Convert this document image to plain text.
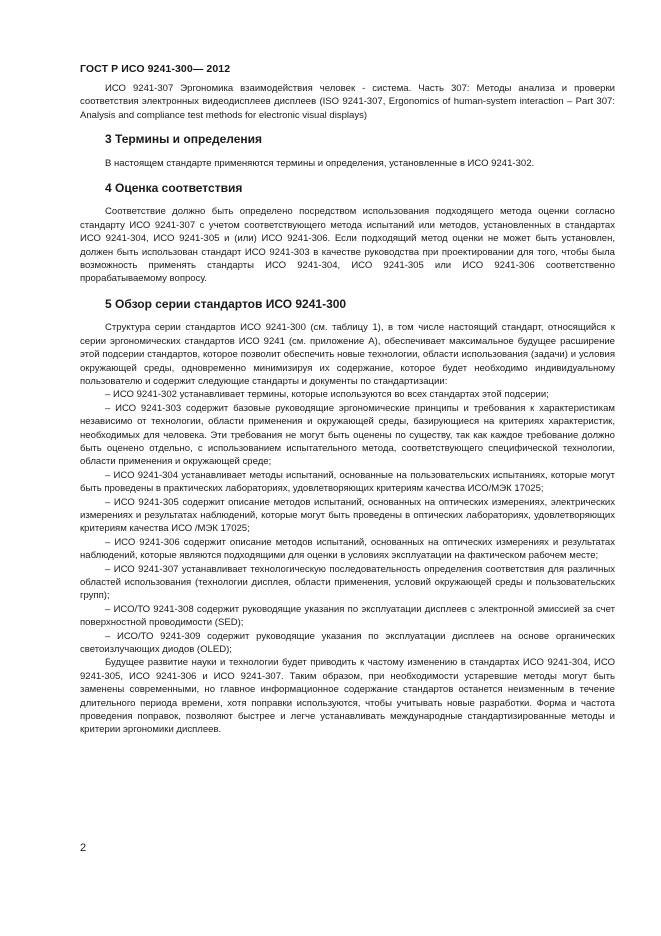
ГОСТ Р ИСО 9241-300— 2012

ИСО 9241-307 Эргономика взаимодействия человек - система. Часть 307: Методы анализа и проверки соответствия электронных видеодисплеев дисплеев (ISO 9241-307, Ergonomics of human-system interaction – Part 307: Analysis and compliance test methods for electronic visual displays)

3 Термины и определения

В настоящем стандарте применяются термины и определения, установленные в ИСО 9241-302.

4 Оценка соответствия

Соответствие должно быть определено посредством использования подходящего метода оценки согласно стандарту ИСО 9241-307 с учетом соответствующего метода испытаний или методов, установленных в стандартах ИСО 9241-304, ИСО 9241-305 и (или) ИСО 9241-306. Если подходящий метод оценки не может быть установлен, должен быть использован стандарт ИСО 9241-303 в качестве руководства при проектировании для того, чтобы была возможность применять стандарты ИСО 9241-304, ИСО 9241-305 или ИСО 9241-306 соответственно прорабатываемому вопросу.

5 Обзор серии стандартов ИСО 9241-300

Структура серии стандартов ИСО 9241-300 (см. таблицу 1), в том числе настоящий стандарт, относящийся к серии эргономических стандартов ИСО 9241 (см. приложение А), обеспечивает максимальное будущее расширение этой подсерии стандартов, которое позволит обеспечить новые технологии, области использования (задачи) и условия окружающей среды, одновременно минимизируя их содержание, которое будет необходимо индивидуальному пользователю и содержит следующие стандарты и документы по стандартизации:

– ИСО 9241-302 устанавливает термины, которые используются во всех стандартах этой подсерии;

– ИСО 9241-303 содержит базовые руководящие эргономические принципы и требования к характеристикам независимо от технологии, области применения и окружающей среды, базирующиеся на критериях характеристик, необходимых для человека. Эти требования не могут быть оценены по существу, так как каждое требование должно быть оценено отдельно, с использованием испытательного метода, соответствующего специфической технологии, области применения и окружающей среде;

– ИСО 9241-304 устанавливает методы испытаний, основанные на пользовательских испытаниях, которые могут быть проведены в практических лабораториях, удовлетворяющих критериям качества ИСО/МЭК 17025;

– ИСО 9241-305 содержит описание методов испытаний, основанных на оптических измерениях, электрических измерениях и результатах наблюдений, которые могут быть проведены в оптических лабораториях, удовлетворяющих критериям качества ИСО /МЭК 17025;

– ИСО 9241-306 содержит описание методов испытаний, основанных на оптических измерениях и результатах наблюдений, которые являются подходящими для оценки в условиях эксплуатации на фактическом рабочем месте;

– ИСО 9241-307 устанавливает технологическую последовательность определения соответствия для различных областей использования (технологии дисплея, области применения, условий окружающей среды и пользовательских групп);

– ИСО/ТО 9241-308 содержит руководящие указания по эксплуатации дисплеев с электронной эмиссией за счет поверхностной проводимости (SED);

– ИСО/ТО 9241-309 содержит руководящие указания по эксплуатации дисплеев на основе органических светоизлучающих диодов (OLED);

Будущее развитие науки и технологии будет приводить к частому изменению в стандартах ИСО 9241-304, ИСО 9241-305, ИСО 9241-306 и ИСО 9241-307. Таким образом, при необходимости устаревшие методы могут быть заменены современными, но главное информационное содержание стандартов останется неизменным в течение длительного периода времени, хотя поправки используются, чтобы учитывать новые разработки. Форма и частота проведения поправок, позволяют быстрее и легче устанавливать международные стандартизированные методы и критерии эргономики дисплеев.

2
